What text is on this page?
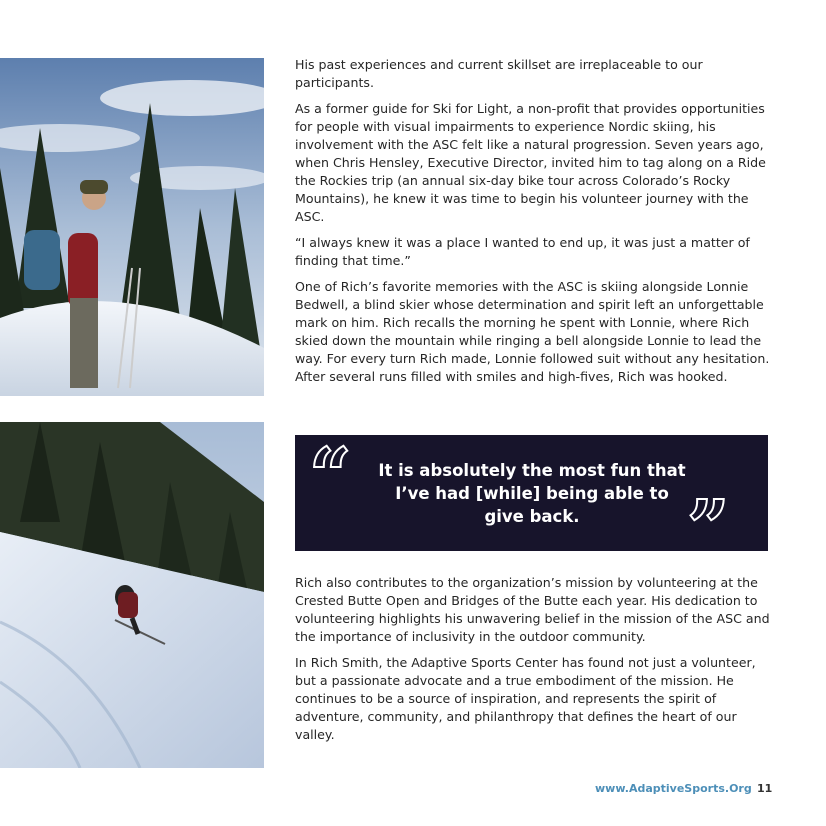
His past experiences and current skillset are irreplaceable to our participants.

As a former guide for Ski for Light, a non-profit that provides opportunities for people with visual impairments to experience Nordic skiing, his involvement with the ASC felt like a natural progression. Seven years ago, when Chris Hensley, Executive Director, invited him to tag along on a Ride the Rockies trip (an annual six-day bike tour across Colorado’s Rocky Mountains), he knew it was time to begin his volunteer journey with the ASC.

“I always knew it was a place I wanted to end up, it was just a matter of finding that time.”

One of Rich’s favorite memories with the ASC is skiing alongside Lonnie Bedwell, a blind skier whose determination and spirit left an unforgettable mark on him. Rich recalls the morning he spent with Lonnie, where Rich skied down the mountain while ringing a bell alongside Lonnie to lead the way. For every turn Rich made, Lonnie followed suit without any hesitation. After several runs filled with smiles and high-fives, Rich was hooked.

“ It is absolutely the most fun that I’ve had [while] being able to give back.	”

Rich also contributes to the organization’s mission by volunteering at the Crested Butte Open and Bridges of the Butte each year. His dedication to volunteering highlights his unwavering belief in the mission of the ASC and the importance of inclusivity in the outdoor community.

In Rich Smith, the Adaptive Sports Center has found not just a volunteer, but a passionate advocate and a true embodiment of the mission. He continues to be a source of inspiration, and represents the spirit of adventure, community, and philanthropy that defines the heart of our valley.

www.AdaptiveSports.Org 11
